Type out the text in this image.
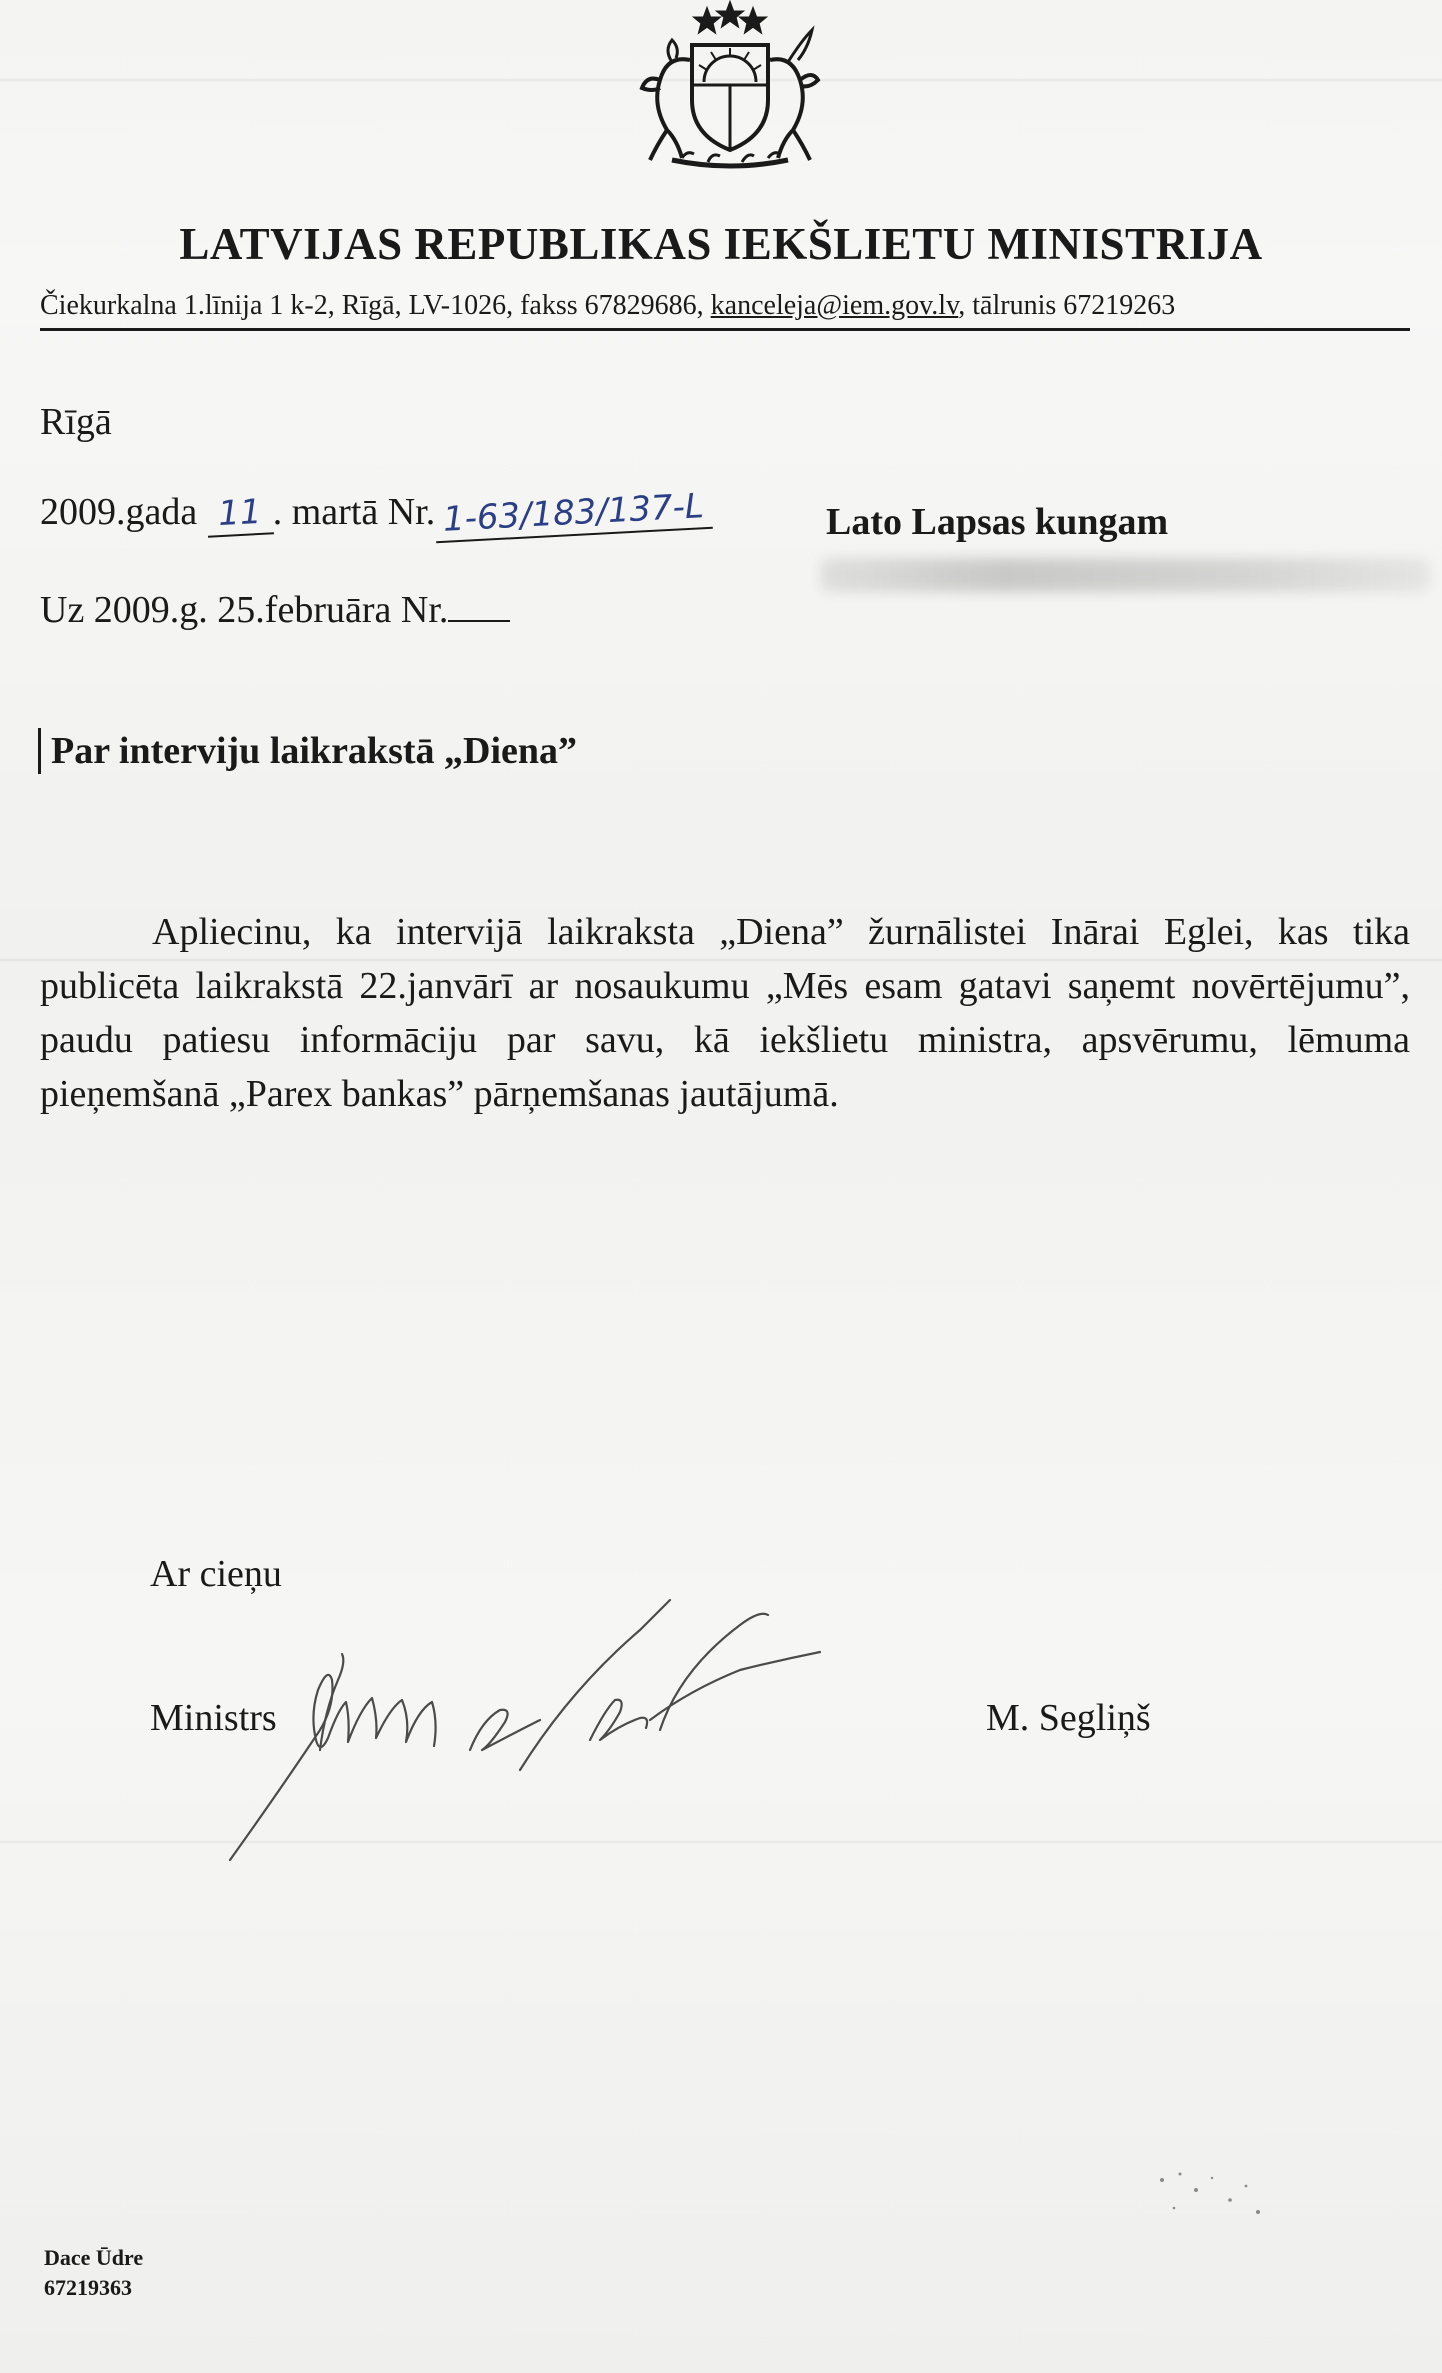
LATVIJAS REPUBLIKAS IEKŠLIETU MINISTRIJA
Čiekurkalna 1.līnija 1 k-2, Rīgā, LV-1026, fakss 67829686, kanceleja@iem.gov.lv, tālrunis 67219263
Rīgā
2009.gada 11 . martā Nr. 1-63/183/137-L
Uz 2009.g. 25.februāra Nr.
Lato Lapsas kungam
Par interviju laikrakstā „Diena”
Apliecinu, ka intervijā laikraksta „Diena” žurnālistei Inārai Eglei, kas tika publicēta laikrakstā 22.janvārī ar nosaukumu „Mēs esam gatavi saņemt novērtējumu”, paudu patiesu informāciju par savu, kā iekšlietu ministra, apsvērumu, lēmuma pieņemšanā „Parex bankas” pārņemšanas jautājumā.
Ar cieņu
Ministrs	M. Segliņš
Dace Ūdre
67219363
